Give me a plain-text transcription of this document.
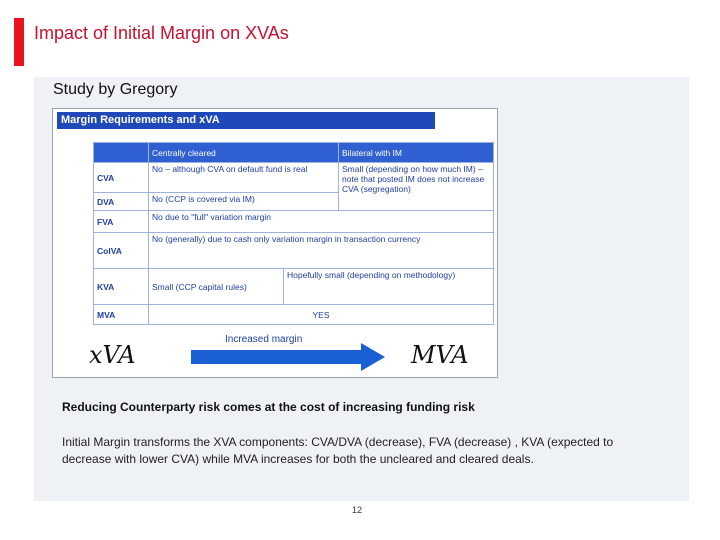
Impact of Initial Margin on XVAs
Study by Gregory
Margin Requirements and xVA
	Centrally cleared		Bilateral with IM
CVA	No – although CVA on default fund is real		Small (depending on how much IM) – note that posted IM does not increase CVA (segregation)
DVA	No (CCP is covered via IM)		
FVA	No due to "full" variation margin		
ColVA	No (generally) due to cash only variation margin in transaction currency		
KVA	Small (CCP capital rules)	Hopefully small (depending on methodology)	
MVA	YES		
xVA
Increased margin
MVA
Reducing Counterparty risk comes at the cost of increasing funding risk
Initial Margin transforms the XVA components: CVA/DVA (decrease), FVA (decrease) , KVA (expected to decrease with lower CVA) while MVA increases for both the uncleared and cleared deals.
12
